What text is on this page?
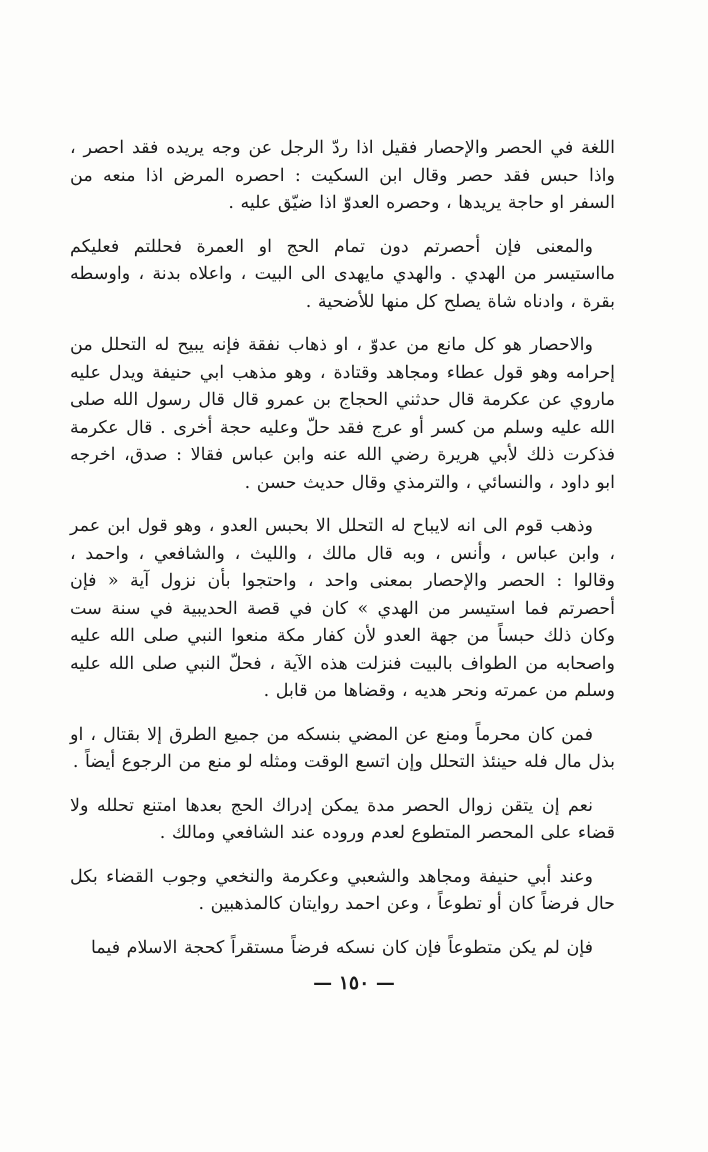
اللغة في الحصر والإحصار فقيل اذا ردّ الرجل عن وجه يريده فقد احصر ، واذا حبس فقد حصر وقال ابن السكيت : احصره المرض اذا منعه من السفر او حاجة يريدها ، وحصره العدوّ اذا ضيّق عليه .

والمعنى فإن أحصرتم دون تمام الحج او العمرة فحللتم فعليكم مااستيسر من الهدي . والهدي مايهدى الى البيت ، واعلاه بدنة ، واوسطه بقرة ، وادناه شاة يصلح كل منها للأضحية .

والاحصار هو كل مانع من عدوّ ، او ذهاب نفقة فإنه يبيح له التحلل من إحرامه وهو قول عطاء ومجاهد وقتادة ، وهو مذهب ابي حنيفة ويدل عليه ماروي عن عكرمة قال حدثني الحجاج بن عمرو قال قال رسول الله صلى الله عليه وسلم من كسر أو عرج فقد حلّ وعليه حجة أخرى . قال عكرمة فذكرت ذلك لأبي هريرة رضي الله عنه وابن عباس فقالا : صدق، اخرجه ابو داود ، والنسائي ، والترمذي وقال حديث حسن .

وذهب قوم الى انه لايباح له التحلل الا بحبس العدو ، وهو قول ابن عمر ، وابن عباس ، وأنس ، وبه قال مالك ، والليث ، والشافعي ، واحمد ، وقالوا : الحصر والإحصار بمعنى واحد ، واحتجوا بأن نزول آية « فإن أحصرتم فما استيسر من الهدي » كان في قصة الحديبية في سنة ست وكان ذلك حبساً من جهة العدو لأن كفار مكة منعوا النبي صلى الله عليه واصحابه من الطواف بالبيت فنزلت هذه الآية ، فحلّ النبي صلى الله عليه وسلم من عمرته ونحر هديه ، وقضاها من قابل .

فمن كان محرماً ومنع عن المضي بنسكه من جميع الطرق إلا بقتال ، او بذل مال فله حينئذ التحلل وإن اتسع الوقت ومثله لو منع من الرجوع أيضاً .

نعم إن يتقن زوال الحصر مدة يمكن إدراك الحج بعدها امتنع تحلله ولا قضاء على المحصر المتطوع لعدم وروده عند الشافعي ومالك .

وعند أبي حنيفة ومجاهد والشعبي وعكرمة والنخعي وجوب القضاء بكل حال فرضاً كان أو تطوعاً ، وعن احمد روايتان كالمذهبين .

فإن لم يكن متطوعاً فإن كان نسكه فرضاً مستقراً كحجة الاسلام فيما

— ١٥٠ —
